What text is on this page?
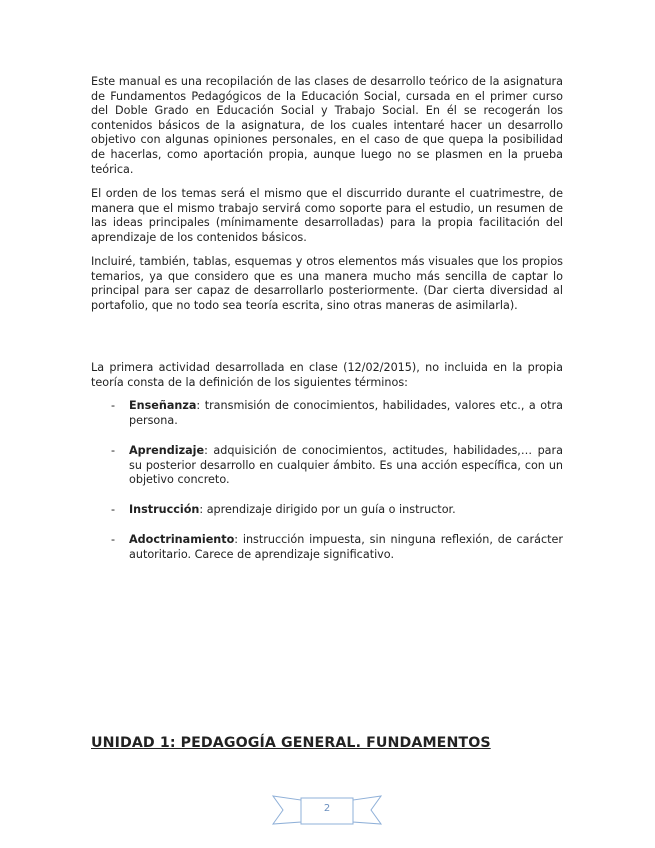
Este manual es una recopilación de las clases de desarrollo teórico de la asignatura de Fundamentos Pedagógicos de la Educación Social, cursada en el primer curso del Doble Grado en Educación Social y Trabajo Social. En él se recogerán los contenidos básicos de la asignatura, de los cuales intentaré hacer un desarrollo objetivo con algunas opiniones personales, en el caso de que quepa la posibilidad de hacerlas, como aportación propia, aunque luego no se plasmen en la prueba teórica.

El orden de los temas será el mismo que el discurrido durante el cuatrimestre, de manera que el mismo trabajo servirá como soporte para el estudio, un resumen de las ideas principales (mínimamente desarrolladas) para la propia facilitación del aprendizaje de los contenidos básicos.

Incluiré, también, tablas, esquemas y otros elementos más visuales que los propios temarios, ya que considero que es una manera mucho más sencilla de captar lo principal para ser capaz de desarrollarlo posteriormente. (Dar cierta diversidad al portafolio, que no todo sea teoría escrita, sino otras maneras de asimilarla).

La primera actividad desarrollada en clase (12/02/2015), no incluida en la propia teoría consta de la definición de los siguientes términos:

- Enseñanza: transmisión de conocimientos, habilidades, valores etc., a otra persona.

- Aprendizaje: adquisición de conocimientos, actitudes, habilidades,… para su posterior desarrollo en cualquier ámbito. Es una acción específica, con un objetivo concreto.

- Instrucción: aprendizaje dirigido por un guía o instructor.

- Adoctrinamiento: instrucción impuesta, sin ninguna reflexión, de carácter autoritario. Carece de aprendizaje significativo.

UNIDAD 1: PEDAGOGÍA GENERAL. FUNDAMENTOS
2
